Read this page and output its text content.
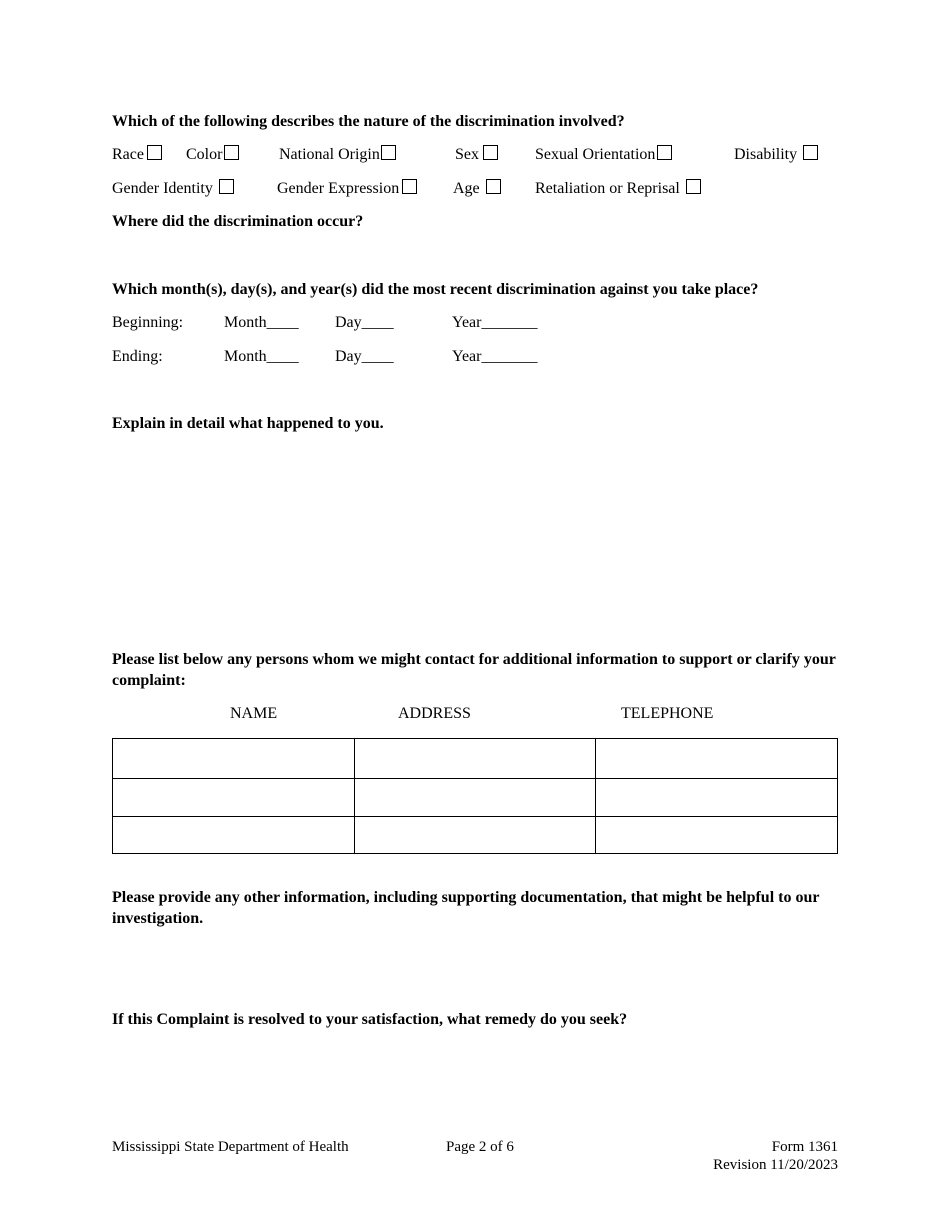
Which of the following describes the nature of the discrimination involved?
Race	Color	National Origin	Sex	Sexual Orientation	Disability
Gender Identity	Gender Expression	Age	Retaliation or Reprisal
Where did the discrimination occur?
Which month(s), day(s), and year(s) did the most recent discrimination against you take place?
Beginning:	Month____ Day____	Year_______
Ending:	Month____ Day____	Year_______
Explain in detail what happened to you.
Please list below any persons whom we might contact for additional information to support or clarify your complaint:
NAME	ADDRESS	TELEPHONE

Please provide any other information, including supporting documentation, that might be helpful to our investigation.
If this Complaint is resolved to your satisfaction, what remedy do you seek?
Mississippi State Department of Health	Page 2 of 6	Form 1361
Revision 11/20/2023
